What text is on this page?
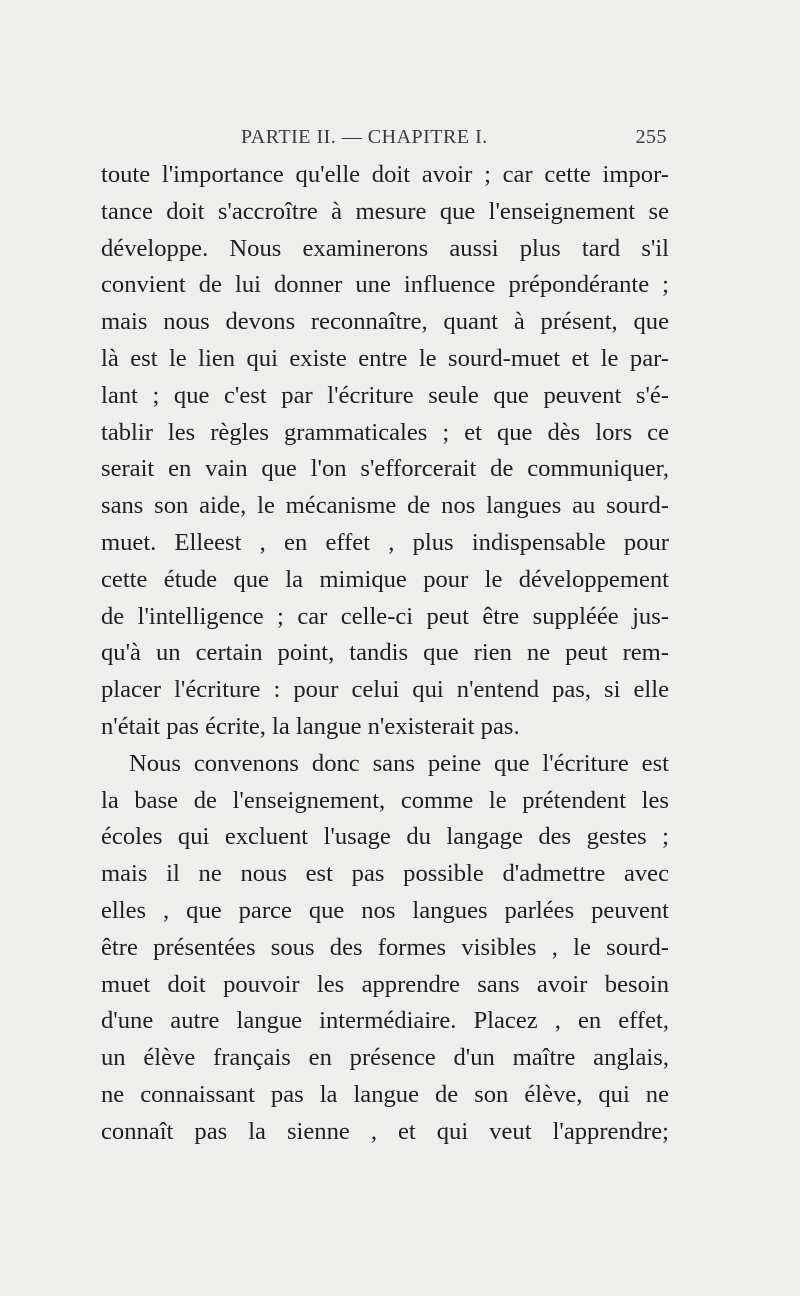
PARTIE II. — CHAPITRE I.	255
toute l'importance qu'elle doit avoir ; car cette impor-
tance doit s'accroître à mesure que l'enseignement se
développe. Nous examinerons aussi plus tard s'il
convient de lui donner une influence prépondérante ;
mais nous devons reconnaître, quant à présent, que
là est le lien qui existe entre le sourd-muet et le par-
lant ; que c'est par l'écriture seule que peuvent s'é-
tablir les règles grammaticales ; et que dès lors ce
serait en vain que l'on s'efforcerait de communiquer,
sans son aide, le mécanisme de nos langues au sourd-
muet. Elleest , en effet , plus indispensable pour
cette étude que la mimique pour le développement
de l'intelligence ; car celle-ci peut être suppléée jus-
qu'à un certain point, tandis que rien ne peut rem-
placer l'écriture : pour celui qui n'entend pas, si elle
n'était pas écrite, la langue n'existerait pas.
Nous convenons donc sans peine que l'écriture est
la base de l'enseignement, comme le prétendent les
écoles qui excluent l'usage du langage des gestes ;
mais il ne nous est pas possible d'admettre avec
elles , que parce que nos langues parlées peuvent
être présentées sous des formes visibles , le sourd-
muet doit pouvoir les apprendre sans avoir besoin
d'une autre langue intermédiaire. Placez , en effet,
un élève français en présence d'un maître anglais,
ne connaissant pas la langue de son élève, qui ne
connaît pas la sienne , et qui veut l'apprendre;
